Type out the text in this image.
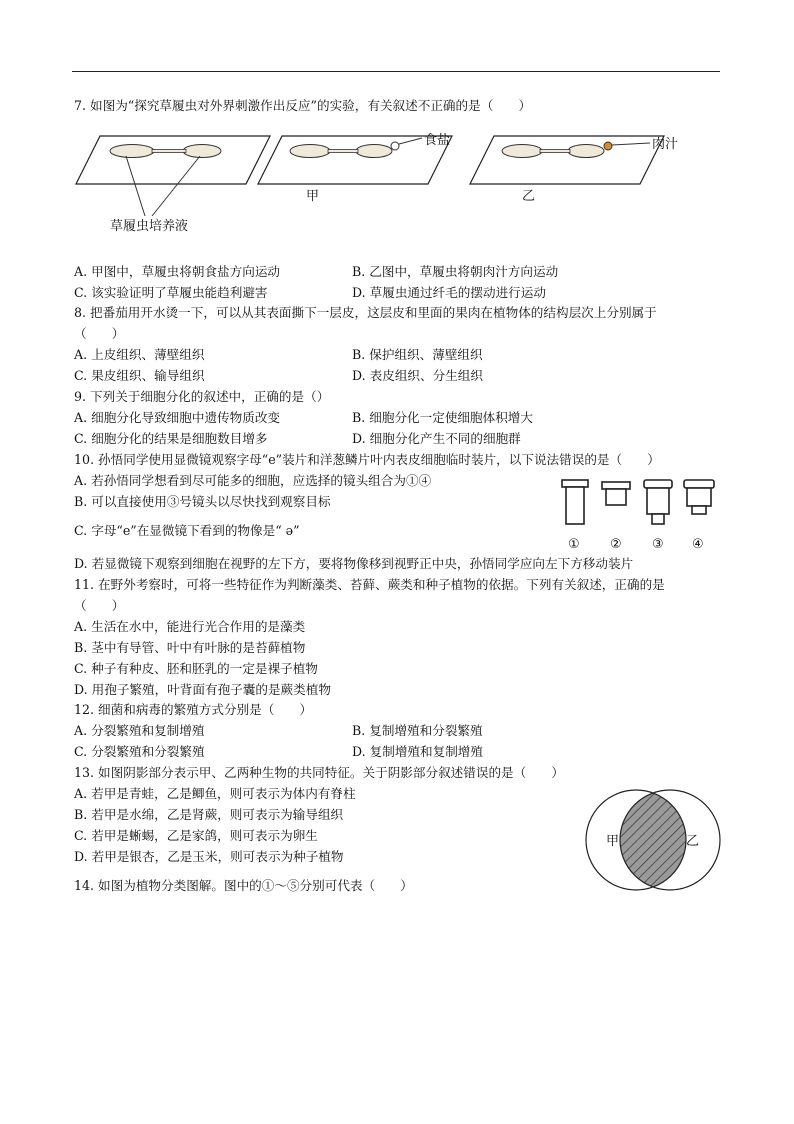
7. 如图为“探究草履虫对外界刺激作出反应”的实验，有关叙述不正确的是（　　）
草履虫培养液
食盐
甲
肉汁
乙
A. 甲图中，草履虫将朝食盐方向运动	B. 乙图中，草履虫将朝肉汁方向运动
C. 该实验证明了草履虫能趋利避害	D. 草履虫通过纤毛的摆动进行运动
8. 把番茄用开水烫一下，可以从其表面撕下一层皮，这层皮和里面的果肉在植物体的结构层次上分别属于
（　　）
A. 上皮组织、薄壁组织	B. 保护组织、薄壁组织
C. 果皮组织、输导组织	D. 表皮组织、分生组织
9. 下列关于细胞分化的叙述中，正确的是（）
A. 细胞分化导致细胞中遗传物质改变	B. 细胞分化一定使细胞体积增大
C. 细胞分化的结果是细胞数目增多	D. 细胞分化产生不同的细胞群
10. 孙悟同学使用显微镜观察字母“e”装片和洋葱鳞片叶内表皮细胞临时装片，以下说法错误的是（　　）
A. 若孙悟同学想看到尽可能多的细胞，应选择的镜头组合为①④
B. 可以直接使用③号镜头以尽快找到观察目标
C. 字母“e”在显微镜下看到的物像是“ ə”
D. 若显微镜下观察到细胞在视野的左下方，要将物像移到视野正中央，孙悟同学应向左下方移动装片
① ② ③ ④
11. 在野外考察时，可将一些特征作为判断藻类、苔藓、蕨类和种子植物的依据。下列有关叙述，正确的是
（　　）
A. 生活在水中，能进行光合作用的是藻类
B. 茎中有导管、叶中有叶脉的是苔藓植物
C. 种子有种皮、胚和胚乳的一定是裸子植物
D. 用孢子繁殖，叶背面有孢子囊的是蕨类植物
12. 细菌和病毒的繁殖方式分别是（　　）
A. 分裂繁殖和复制增殖	B. 复制增殖和分裂繁殖
C. 分裂繁殖和分裂繁殖	D. 复制增殖和复制增殖
13. 如图阴影部分表示甲、乙两种生物的共同特征。关于阴影部分叙述错误的是（　　）
A. 若甲是青蛙，乙是鲫鱼，则可表示为体内有脊柱
B. 若甲是水绵，乙是肾蕨，则可表示为输导组织
C. 若甲是蜥蜴，乙是家鸽，则可表示为卵生
D. 若甲是银杏，乙是玉米，则可表示为种子植物
甲	乙
14. 如图为植物分类图解。图中的①～⑤分别可代表（　　）
